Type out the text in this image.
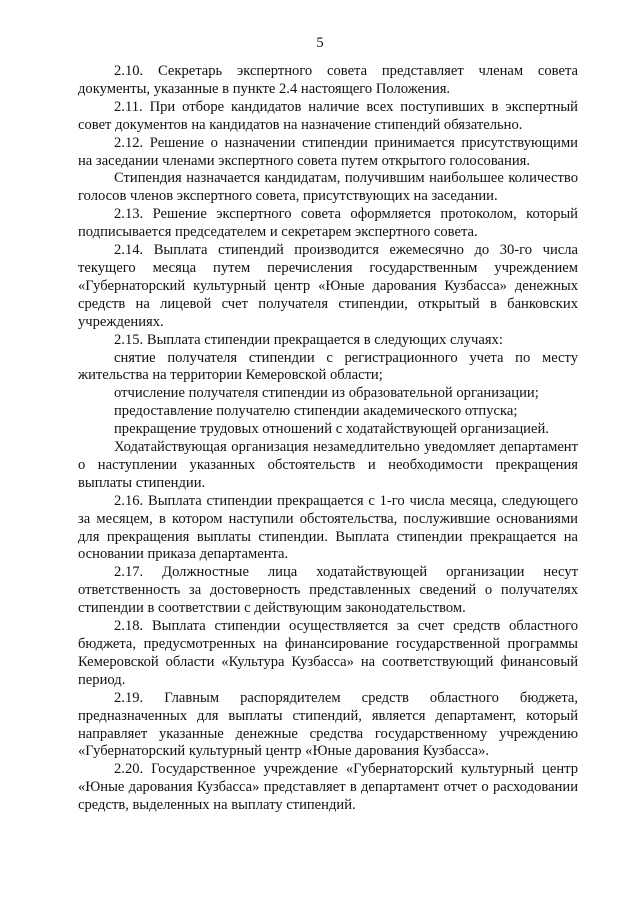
5

2.10. Секретарь экспертного совета представляет членам совета документы, указанные в пункте 2.4 настоящего Положения.

2.11. При отборе кандидатов наличие всех поступивших в экспертный совет документов на кандидатов на назначение стипендий обязательно.

2.12. Решение о назначении стипендии принимается присутствующими на заседании членами экспертного совета путем открытого голосования.

Стипендия назначается кандидатам, получившим наибольшее количество голосов членов экспертного совета, присутствующих на заседании.

2.13. Решение экспертного совета оформляется протоколом, который подписывается председателем и секретарем экспертного совета.

2.14. Выплата стипендий производится ежемесячно до 30-го числа текущего месяца путем перечисления государственным учреждением «Губернаторский культурный центр «Юные дарования Кузбасса» денежных средств на лицевой счет получателя стипендии, открытый в банковских учреждениях.

2.15. Выплата стипендии прекращается в следующих случаях:

снятие получателя стипендии с регистрационного учета по месту жительства на территории Кемеровской области;

отчисление получателя стипендии из образовательной организации;

предоставление получателю стипендии академического отпуска;

прекращение трудовых отношений с ходатайствующей организацией.

Ходатайствующая организация незамедлительно уведомляет департамент о наступлении указанных обстоятельств и необходимости прекращения выплаты стипендии.

2.16. Выплата стипендии прекращается с 1-го числа месяца, следующего за месяцем, в котором наступили обстоятельства, послужившие основаниями для прекращения выплаты стипендии. Выплата стипендии прекращается на основании приказа департамента.

2.17. Должностные лица ходатайствующей организации несут ответственность за достоверность представленных сведений о получателях стипендии в соответствии с действующим законодательством.

2.18. Выплата стипендии осуществляется за счет средств областного бюджета, предусмотренных на финансирование государственной программы Кемеровской области «Культура Кузбасса» на соответствующий финансовый период.

2.19. Главным распорядителем средств областного бюджета, предназначенных для выплаты стипендий, является департамент, который направляет указанные денежные средства государственному учреждению «Губернаторский культурный центр «Юные дарования Кузбасса».

2.20. Государственное учреждение «Губернаторский культурный центр «Юные дарования Кузбасса» представляет в департамент отчет о расходовании средств, выделенных на выплату стипендий.
